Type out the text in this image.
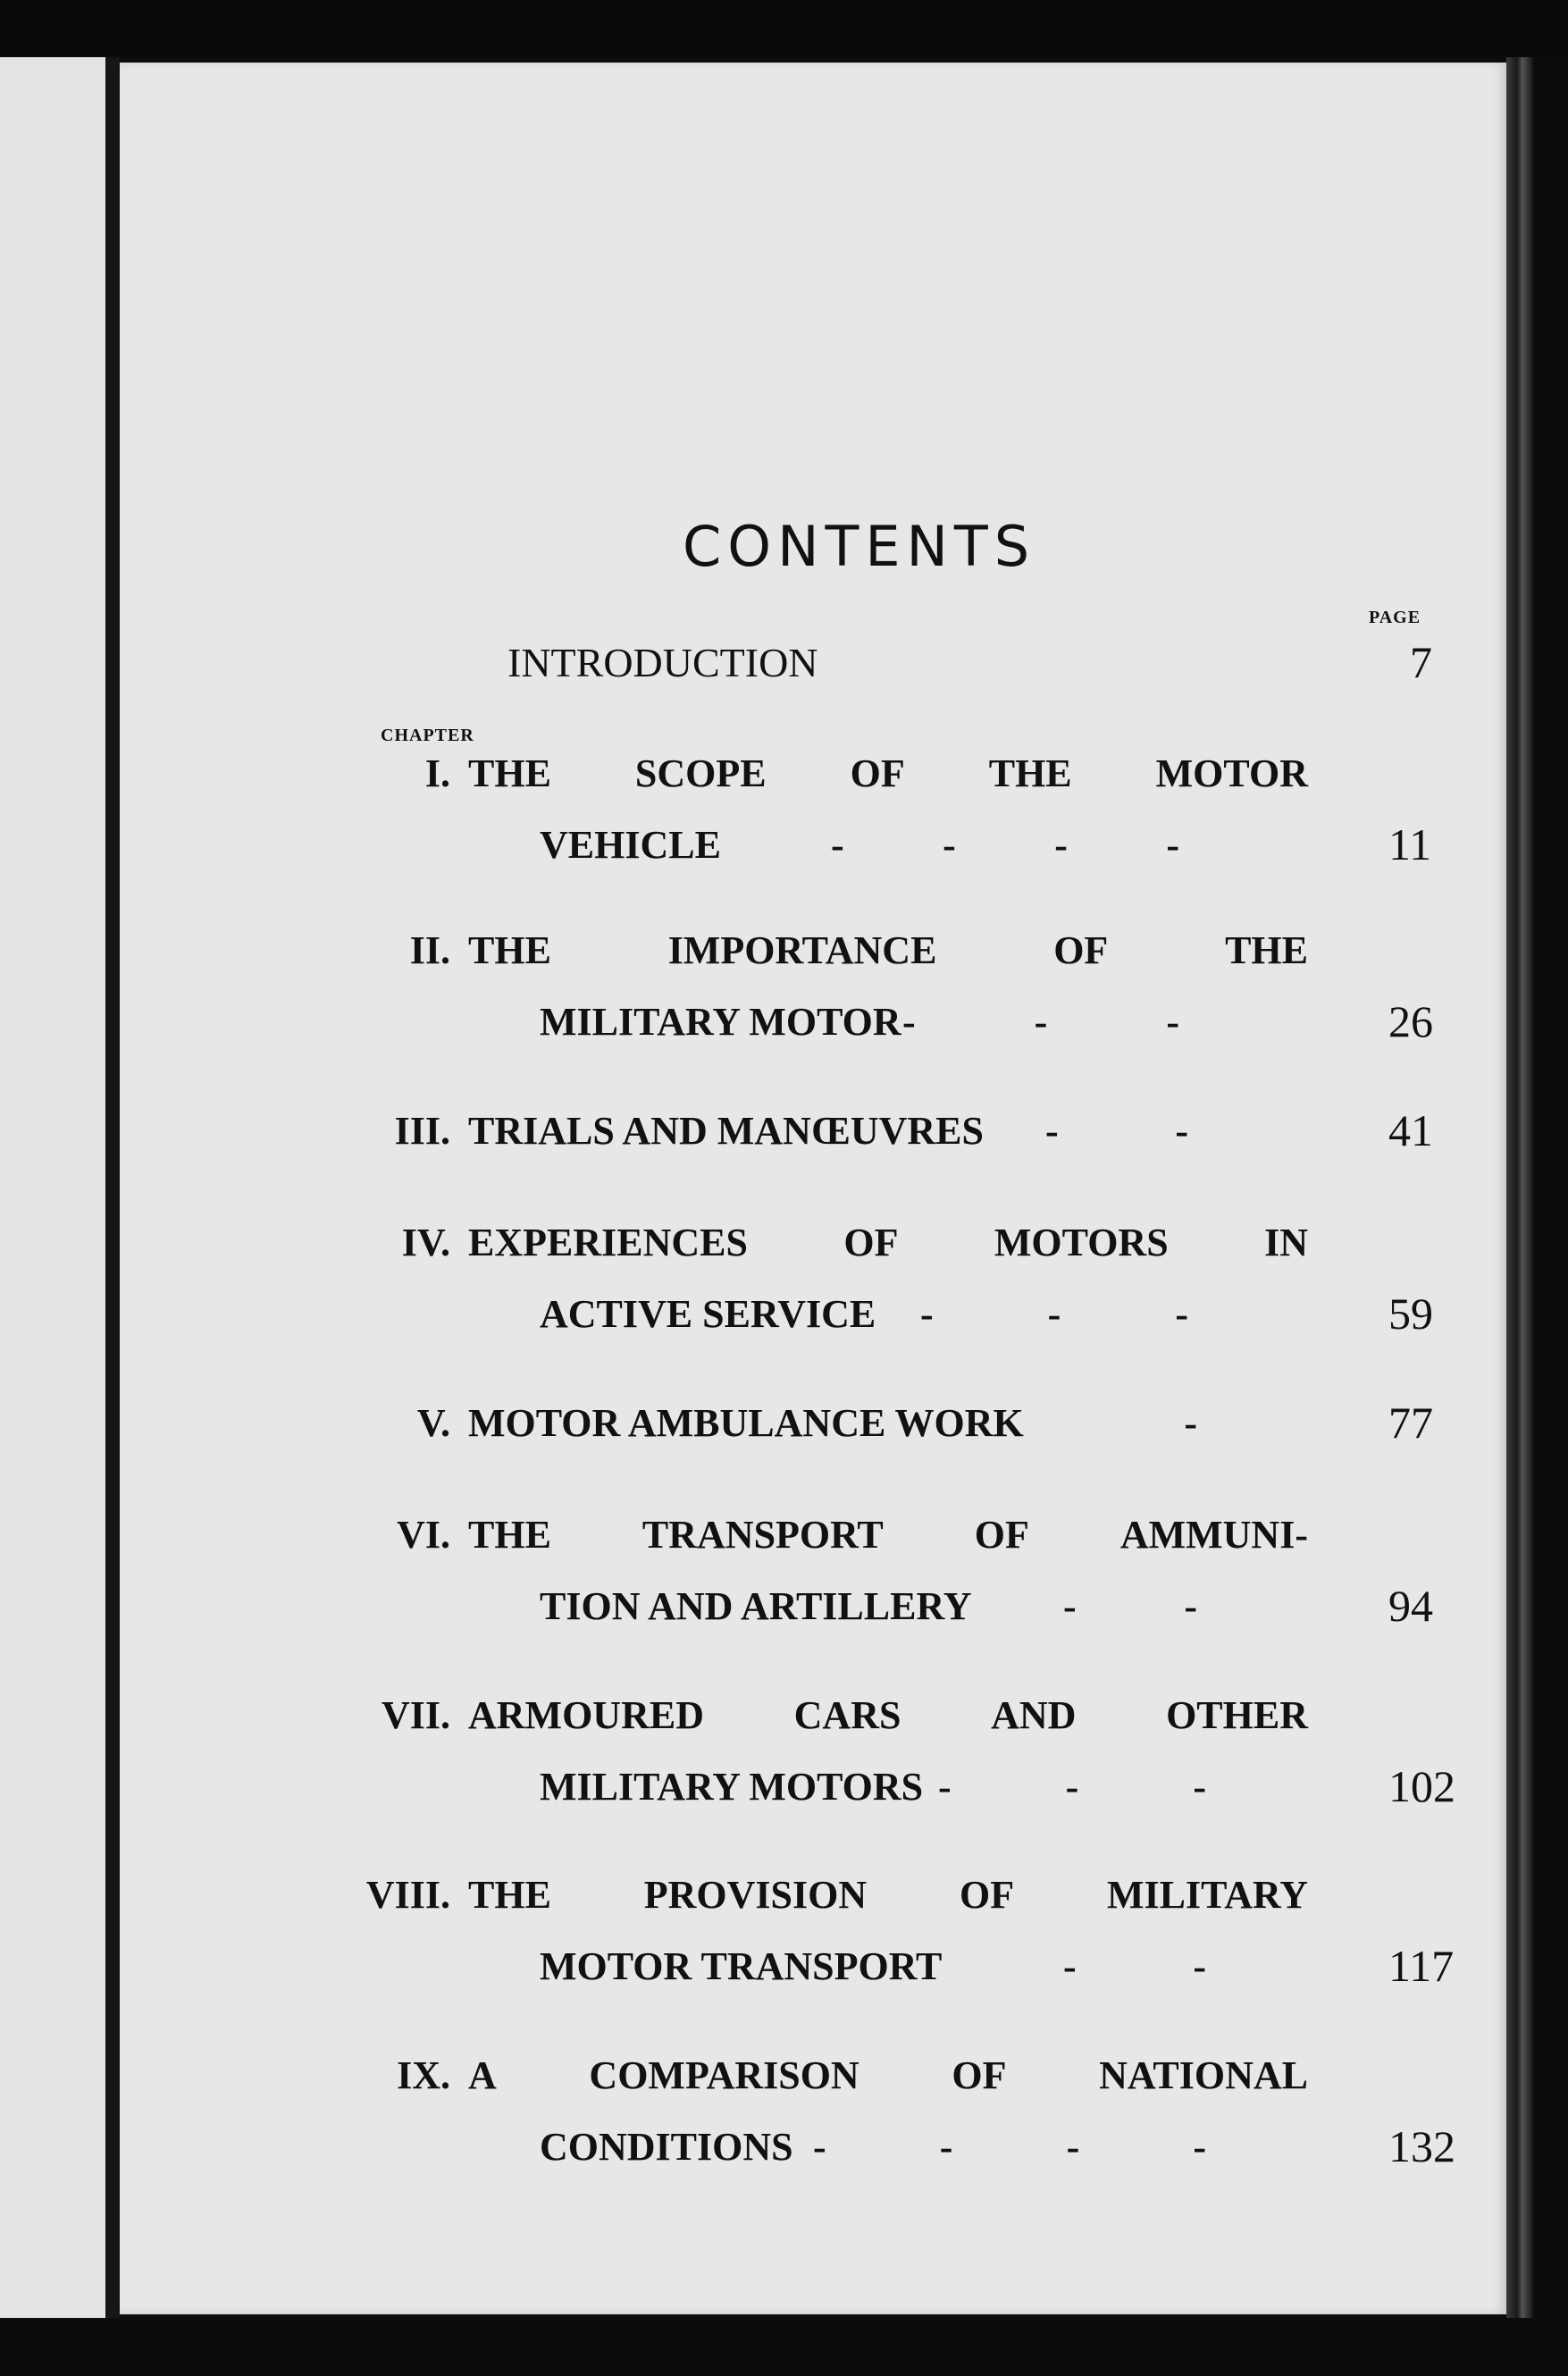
CONTENTS
PAGE
INTRODUCTION	7
CHAPTER
I. THE SCOPE OF THE MOTOR
VEHICLE	-	-	-	-	11
II. THE	IMPORTANCE	OF	THE
MILITARY MOTOR -	-	-	26
III. TRIALS AND MANŒUVRES -	-	41
IV. EXPERIENCES OF MOTORS IN
ACTIVE SERVICE -	-	-	59
V. MOTOR AMBULANCE WORK	-	77
VI. THE TRANSPORT OF AMMUNI-
TION AND ARTILLERY -	-	94
VII. ARMOURED CARS AND OTHER
MILITARY MOTORS -	-	-	102
VIII. THE PROVISION OF MILITARY
MOTOR TRANSPORT	-	-	117
IX. A COMPARISON OF NATIONAL
CONDITIONS -	-	-	-	132
